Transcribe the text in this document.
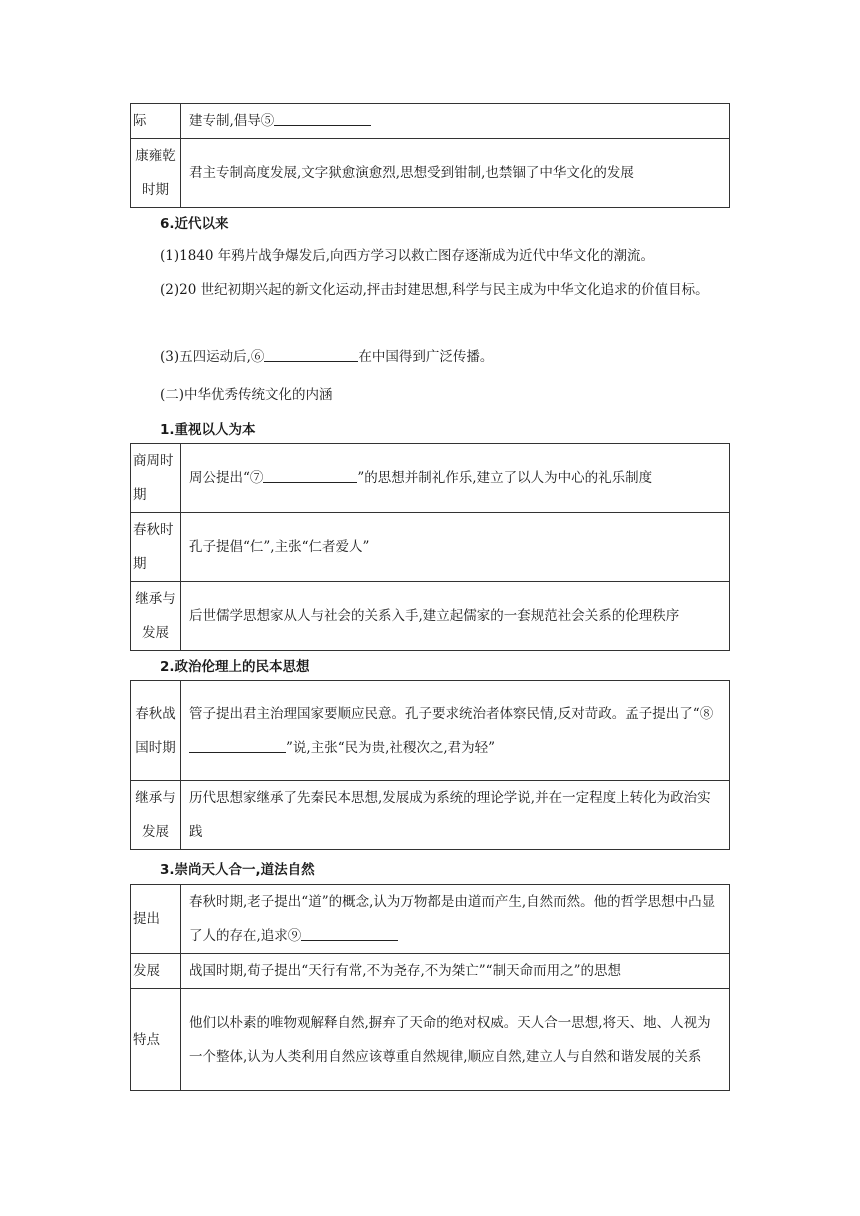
际	建专制,倡导⑤
康雍乾时期	君主专制高度发展,文字狱愈演愈烈,思想受到钳制,也禁锢了中华文化的发展
6.近代以来
(1)1840 年鸦片战争爆发后,向西方学习以救亡图存逐渐成为近代中华文化的潮流。
(2)20 世纪初期兴起的新文化运动,抨击封建思想,科学与民主成为中华文化追求的价值目标。
(3)五四运动后,⑥	在中国得到广泛传播。
(二)中华优秀传统文化的内涵
1.重视以人为本
商周时期	周公提出“⑦ ”的思想并制礼作乐,建立了以人为中心的礼乐制度
春秋时期	孔子提倡“仁”,主张“仁者爱人”
继承与发展	后世儒学思想家从人与社会的关系入手,建立起儒家的一套规范社会关系的伦理秩序
2.政治伦理上的民本思想
春秋战国时期	管子提出君主治理国家要顺应民意。孔子要求统治者体察民情,反对苛政。孟子提出了“⑧”说,主张“民为贵,社稷次之,君为轻”
继承与发展	历代思想家继承了先秦民本思想,发展成为系统的理论学说,并在一定程度上转化为政治实践
3.崇尚天人合一,道法自然
提出	春秋时期,老子提出“道”的概念,认为万物都是由道而产生,自然而然。他的哲学思想中凸显了人的存在,追求⑨
发展	战国时期,荀子提出“天行有常,不为尧存,不为桀亡”“制天命而用之”的思想
特点	他们以朴素的唯物观解释自然,摒弃了天命的绝对权威。天人合一思想,将天、地、人视为一个整体,认为人类利用自然应该尊重自然规律,顺应自然,建立人与自然和谐发展的关系
